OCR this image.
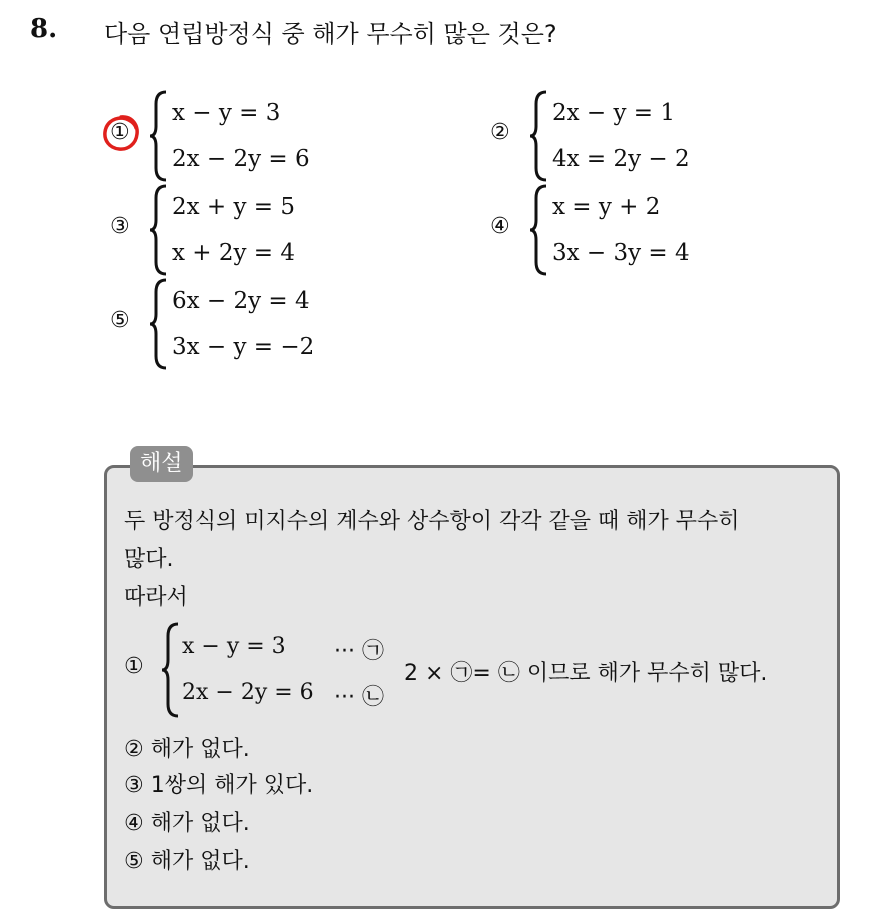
8. 다음 연립방정식 중 해가 무수히 많은 것은?
①
x − y = 3
2x − 2y = 6
②
2x − y = 1
4x = 2y − 2
③
2x + y = 5
x + 2y = 4
④
x = y + 2
3x − 3y = 4
⑤
6x − 2y = 4
3x − y = −2
해설
두 방정식의 미지수의 계수와 상수항이 각각 같을 때 해가 무수히
많다.
따라서
①
x − y = 3
2x − 2y = 6
··· ㉠
··· ㉡
2 × ㉠= ㉡ 이므로 해가 무수히 많다.
② 해가 없다.
③ 1쌍의 해가 있다.
④ 해가 없다.
⑤ 해가 없다.
